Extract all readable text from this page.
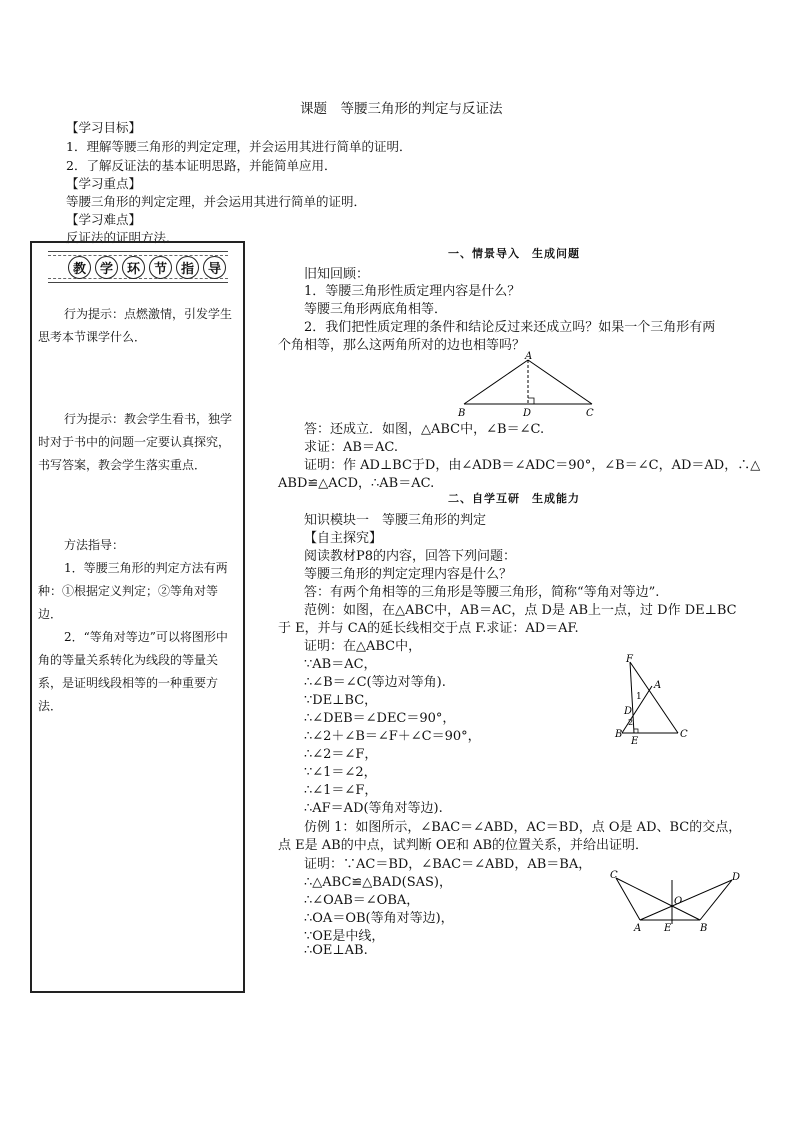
课题　等腰三角形的判定与反证法
【学习目标】
1．理解等腰三角形的判定定理，并会运用其进行简单的证明．
2．了解反证法的基本证明思路，并能简单应用．
【学习重点】
等腰三角形的判定定理，并会运用其进行简单的证明．
【学习难点】
反证法的证明方法．
教	学	环	节	指	导
行为提示：点燃激情，引发学生思考本节课学什么．
行为提示：教会学生看书，独学时对于书中的问题一定要认真探究，书写答案，教会学生落实重点．
方法指导：
1．等腰三角形的判定方法有两种：①根据定义判定；②等角对等边．
2．“等角对等边”可以将图形中角的等量关系转化为线段的等量关系，是证明线段相等的一种重要方法．
一、情景导入　生成问题
旧知回顾：
1．等腰三角形性质定理内容是什么？
等腰三角形两底角相等．
2．我们把性质定理的条件和结论反过来还成立吗？如果一个三角形有两
个角相等，那么这两角所对的边也相等吗？
A
B	C
D
答：还成立．如图，△ABC中，∠B＝∠C.
求证：AB＝AC.
证明：作 AD⊥BC于D，由∠ADB＝∠ADC＝90°，∠B＝∠C，AD＝AD，∴△
ABD≌△ACD，∴AB＝AC.
二、自学互研　生成能力
知识模块一　等腰三角形的判定
【自主探究】
阅读教材P8的内容，回答下列问题：
等腰三角形的判定定理内容是什么？
答：有两个角相等的三角形是等腰三角形，简称“等角对等边”.
范例：如图，在△ABC中，AB＝AC，点 D是 AB上一点，过 D作 DE⊥BC
于 E，并与 CA的延长线相交于点 F.求证：AD＝AF.
证明：在△ABC中，
∵AB＝AC，
∴∠B＝∠C(等边对等角).
∵DE⊥BC，
∴∠DEB＝∠DEC＝90°，
∴∠2＋∠B＝∠F＋∠C＝90°，
∴∠2＝∠F，
∵∠1＝∠2，
∴∠1＝∠F，
∴AF＝AD(等角对等边).
F
A
D
B
E
C
1
2
仿例 1：如图所示，∠BAC＝∠ABD，AC＝BD，点 O是 AD、BC的交点，
点 E是 AB的中点，试判断 OE和 AB的位置关系，并给出证明．
证明：∵AC＝BD，∠BAC＝∠ABD，AB＝BA，
∴△ABC≌△BAD(SAS)，
∴∠OAB＝∠OBA，
∴OA＝OB(等角对等边)，
∵OE是中线，
∴OE⊥AB.
C	D
O
A E	B
